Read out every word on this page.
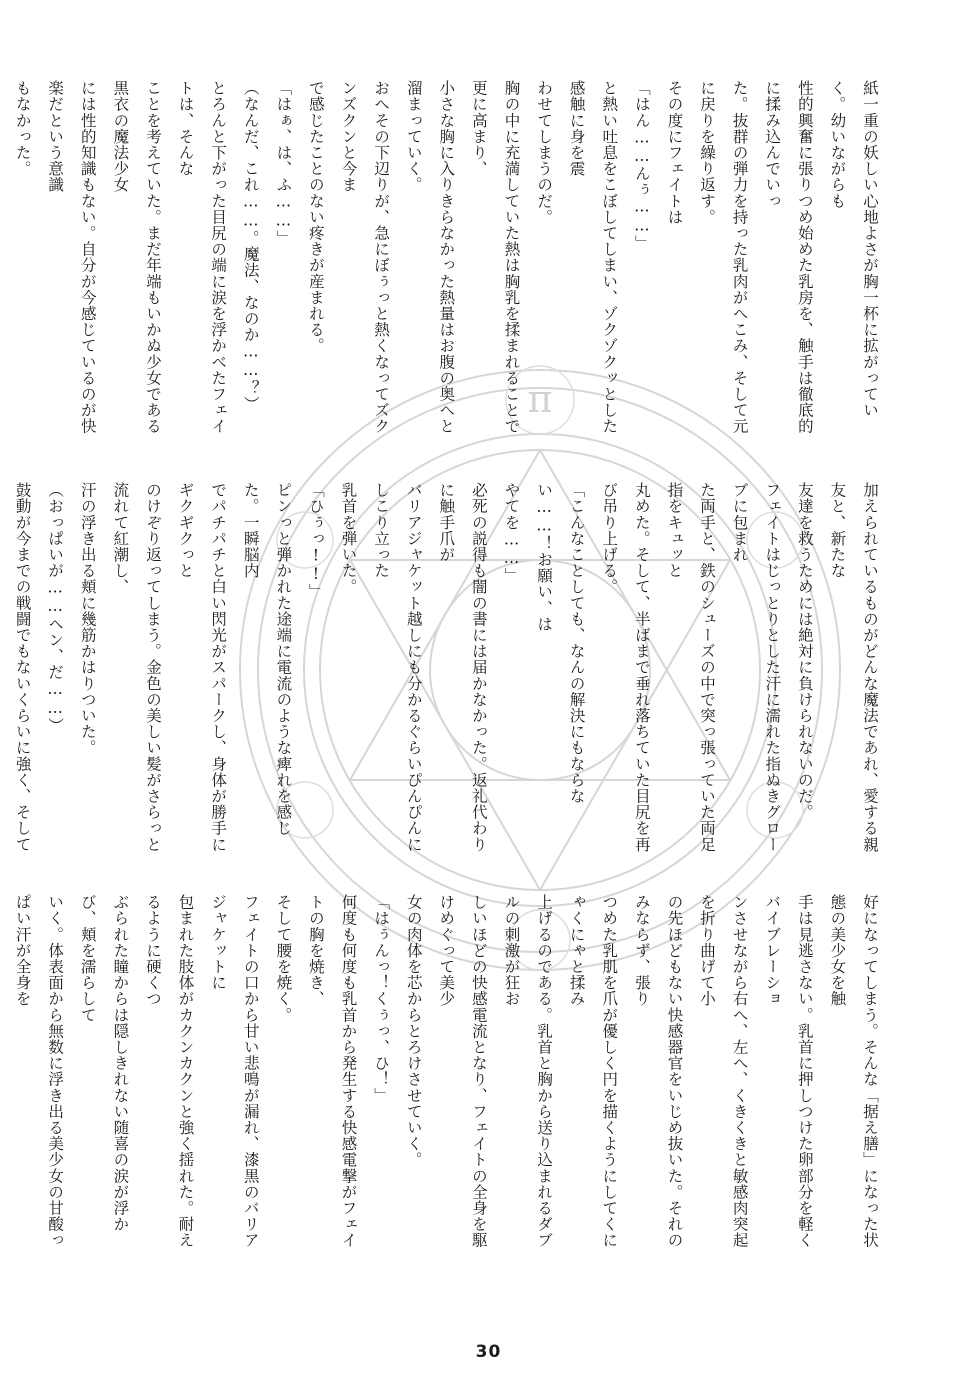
π	紙一重の妖しい心地よさが胸一杯に拡がっていく。幼いながらも
性的興奮に張りつめ始めた乳房を、触手は徹底的に揉み込んでいっ
た。抜群の弾力を持った乳肉がへこみ、そして元に戻りを繰り返す。
その度にフェイトは
「はん……んぅ……」
と熱い吐息をこぼしてしまい、ゾクゾクッとした感触に身を震
わせてしまうのだ。
胸の中に充満していた熱は胸乳を揉まれることで更に高まり、
小さな胸に入りきらなかった熱量はお腹の奥へと溜まっていく。
おへその下辺りが、急にぼぅっと熱くなってズクンズクンと今ま
で感じたことのない疼きが産まれる。
「はぁ、は、ふ……」
（なんだ、これ……。魔法、なのか……？）
とろんと下がった目尻の端に涙を浮かべたフェイトは、そんな
ことを考えていた。まだ年端もいかぬ少女である黒衣の魔法少女
には性的知識もない。自分が今感じているのが快楽だという意識
もなかった。

加えられているものがどんな魔法であれ、愛する親友と、新たな
友達を救うためには絶対に負けられないのだ。
フェイトはじっとりとした汗に濡れた指ぬきグローブに包まれ
た両手と、鉄のシューズの中で突っ張っていた両足指をキュッと
丸めた。そして、半ばまで垂れ落ちていた目尻を再び吊り上げる。
「こんなことしても、なんの解決にもならない……！お願い、は
やてを……」
必死の説得も闇の書には届かなかった。返礼代わりに触手爪が
バリアジャケット越しにも分かるぐらいぴんぴんにしこり立った
乳首を弾いた。
「ひぅっ!!」
ピンっと弾かれた途端に電流のような痺れを感じた。一瞬脳内
でパチパチと白い閃光がスパークし、身体が勝手にギクギクっと
のけぞり返ってしまう。金色の美しい髪がさらっと流れて紅潮し、
汗の浮き出る頬に幾筋かはりついた。
（おっぱいが……ヘン、だ……）
鼓動が今までの戦闘でもないくらいに強く、そして

好になってしまう。そんな「据え膳」になった状態の美少女を触
手は見逃さない。乳首に押しつけた卵部分を軽くバイブレーショ
ンさせながら右へ、左へ、くきくきと敏感肉突起を折り曲げて小
の先ほどもない快感器官をいじめ抜いた。それのみならず、張り
つめた乳肌を爪が優しく円を描くようにしてくにゃくにゃと揉み
上げるのである。乳首と胸から送り込まれるダブルの刺激が狂お
しいほどの快感電流となり、フェイトの全身を駆けめぐって美少
女の肉体を芯からとろけさせていく。
「はぅんっ！くぅっ、ひ！」
何度も何度も乳首から発生する快感電撃がフェイトの胸を焼き、
そして腰を焼く。
フェイトの口から甘い悲鳴が漏れ、漆黒のバリアジャケットに
包まれた肢体がカクンカクンと強く揺れた。耐えるように硬くつ
ぶられた瞳からは隠しきれない随喜の涙が浮かび、頬を濡らして
いく。体表面から無数に浮き出る美少女の甘酸っぱい汗が全身を

30
